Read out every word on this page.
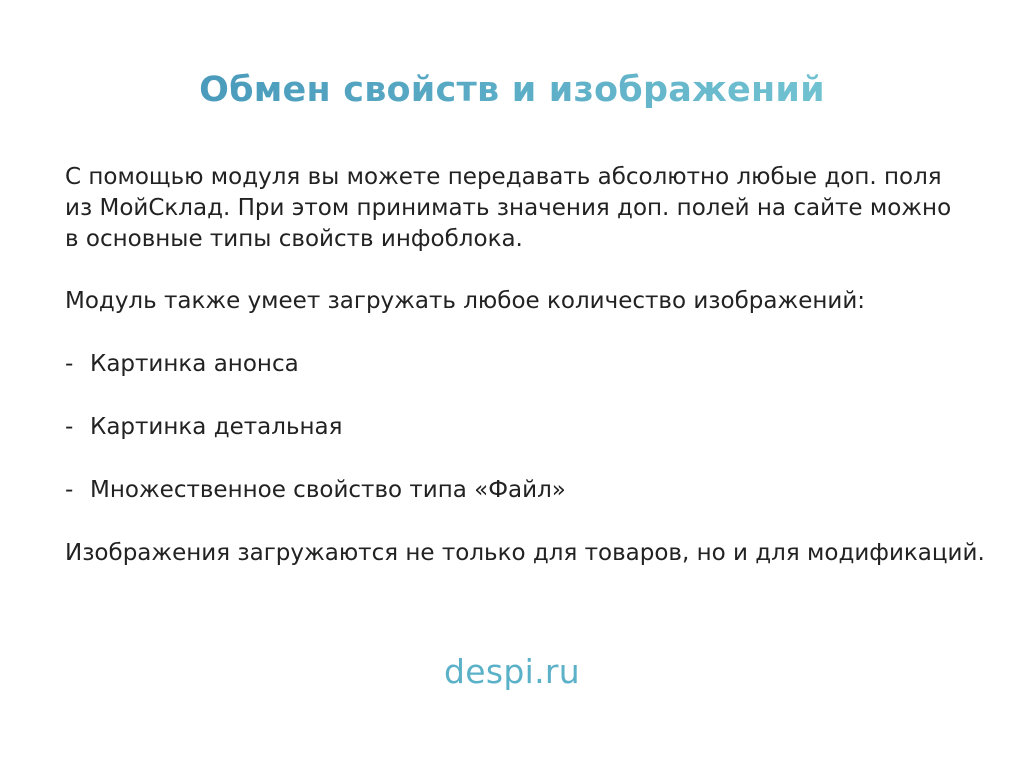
Обмен свойств и изображений

С помощью модуля вы можете передавать абсолютно любые доп. поля из МойСклад. При этом принимать значения доп. полей на сайте можно в основные типы свойств инфоблока.

Модуль также умеет загружать любое количество изображений:

- Картинка анонса
- Картинка детальная
- Множественное свойство типа «Файл»

Изображения загружаются не только для товаров, но и для модификаций.

despi.ru
